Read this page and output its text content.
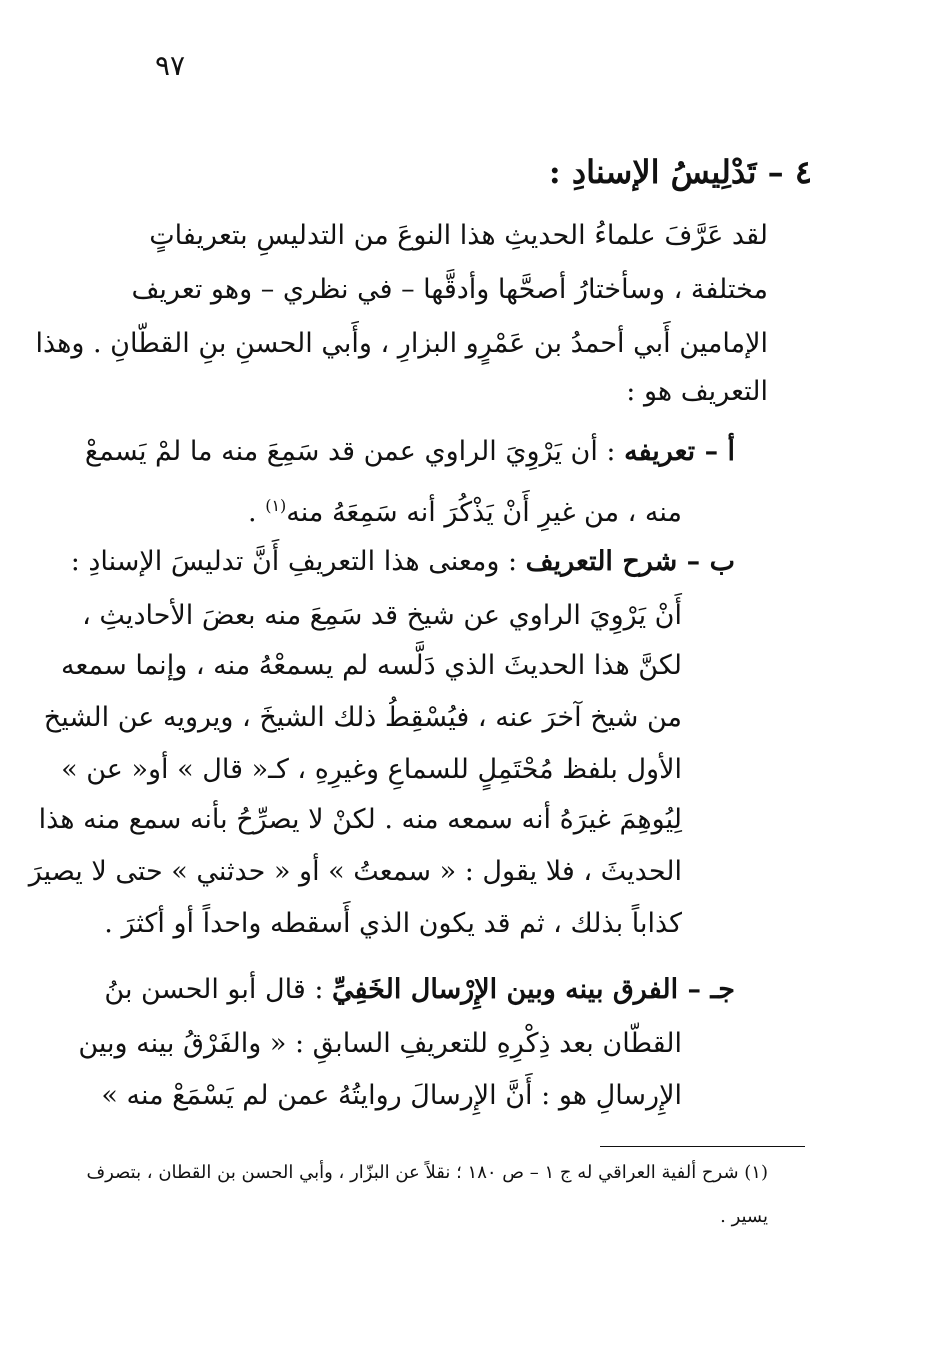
٩٧
٤ – تَدْلِيسُ الإسنادِ :
لقد عَرَّفَ علماءُ الحديثِ هذا النوعَ من التدليسِ بتعريفاتٍ
مختلفة ، وسأختارُ أصحَّها وأدقَّها – في نظري – وهو تعريف
الإمامين أَبي أحمدُ بن عَمْرٍو البزارِ ، وأَبي الحسنِ بنِ القطّانِ . وهذا
التعريف هو :
أ – تعريفه : أن يَرْوِيَ الراوي عمن قد سَمِعَ منه ما لمْ يَسمعْ
منه ، من غيرِ أَنْ يَذْكُرَ أنه سَمِعَهُ منه$^{(١)}$ .
ب – شرح التعريف : ومعنى هذا التعريفِ أَنَّ تدليسَ الإسنادِ :
أَنْ يَرْوِيَ الراوي عن شيخ قد سَمِعَ منه بعضَ الأحاديثِ ،
لكنَّ هذا الحديثَ الذي دَلَّسه لم يسمعْهُ منه ، وإنما سمعه
من شيخ آخرَ عنه ، فيُسْقِطُ ذلك الشيخَ ، ويرويه عن الشيخ
الأول بلفظ مُحْتَمِلٍ للسماعِ وغيرِهِ ، كـ« قال » أو« عن »
لِيُوهِمَ غيرَهُ أنه سمعه منه . لكنْ لا يصرِّحُ بأنه سمع منه هذا
الحديثَ ، فلا يقول : « سمعتُ » أو « حدثني » حتى لا يصيرَ
كذاباً بذلك ، ثم قد يكون الذي أَسقطه واحداً أو أكثرَ .
جـ – الفرق بينه وبين الإِرْسال الخَفِيِّ : قال أبو الحسن بنُ
القطّان بعد ذِكْرِهِ للتعريفِ السابقِ : « والفَرْقُ بينه وبين
الإِرسالِ هو : أَنَّ الإِرسالَ روايتُهُ عمن لم يَسْمَعْ منه »
(١) شرح ألفية العراقي له ج ١ – ص ١٨٠ ؛ نقلاً عن البزّار ، وأبي الحسن بن القطان ، بتصرف
يسير .
